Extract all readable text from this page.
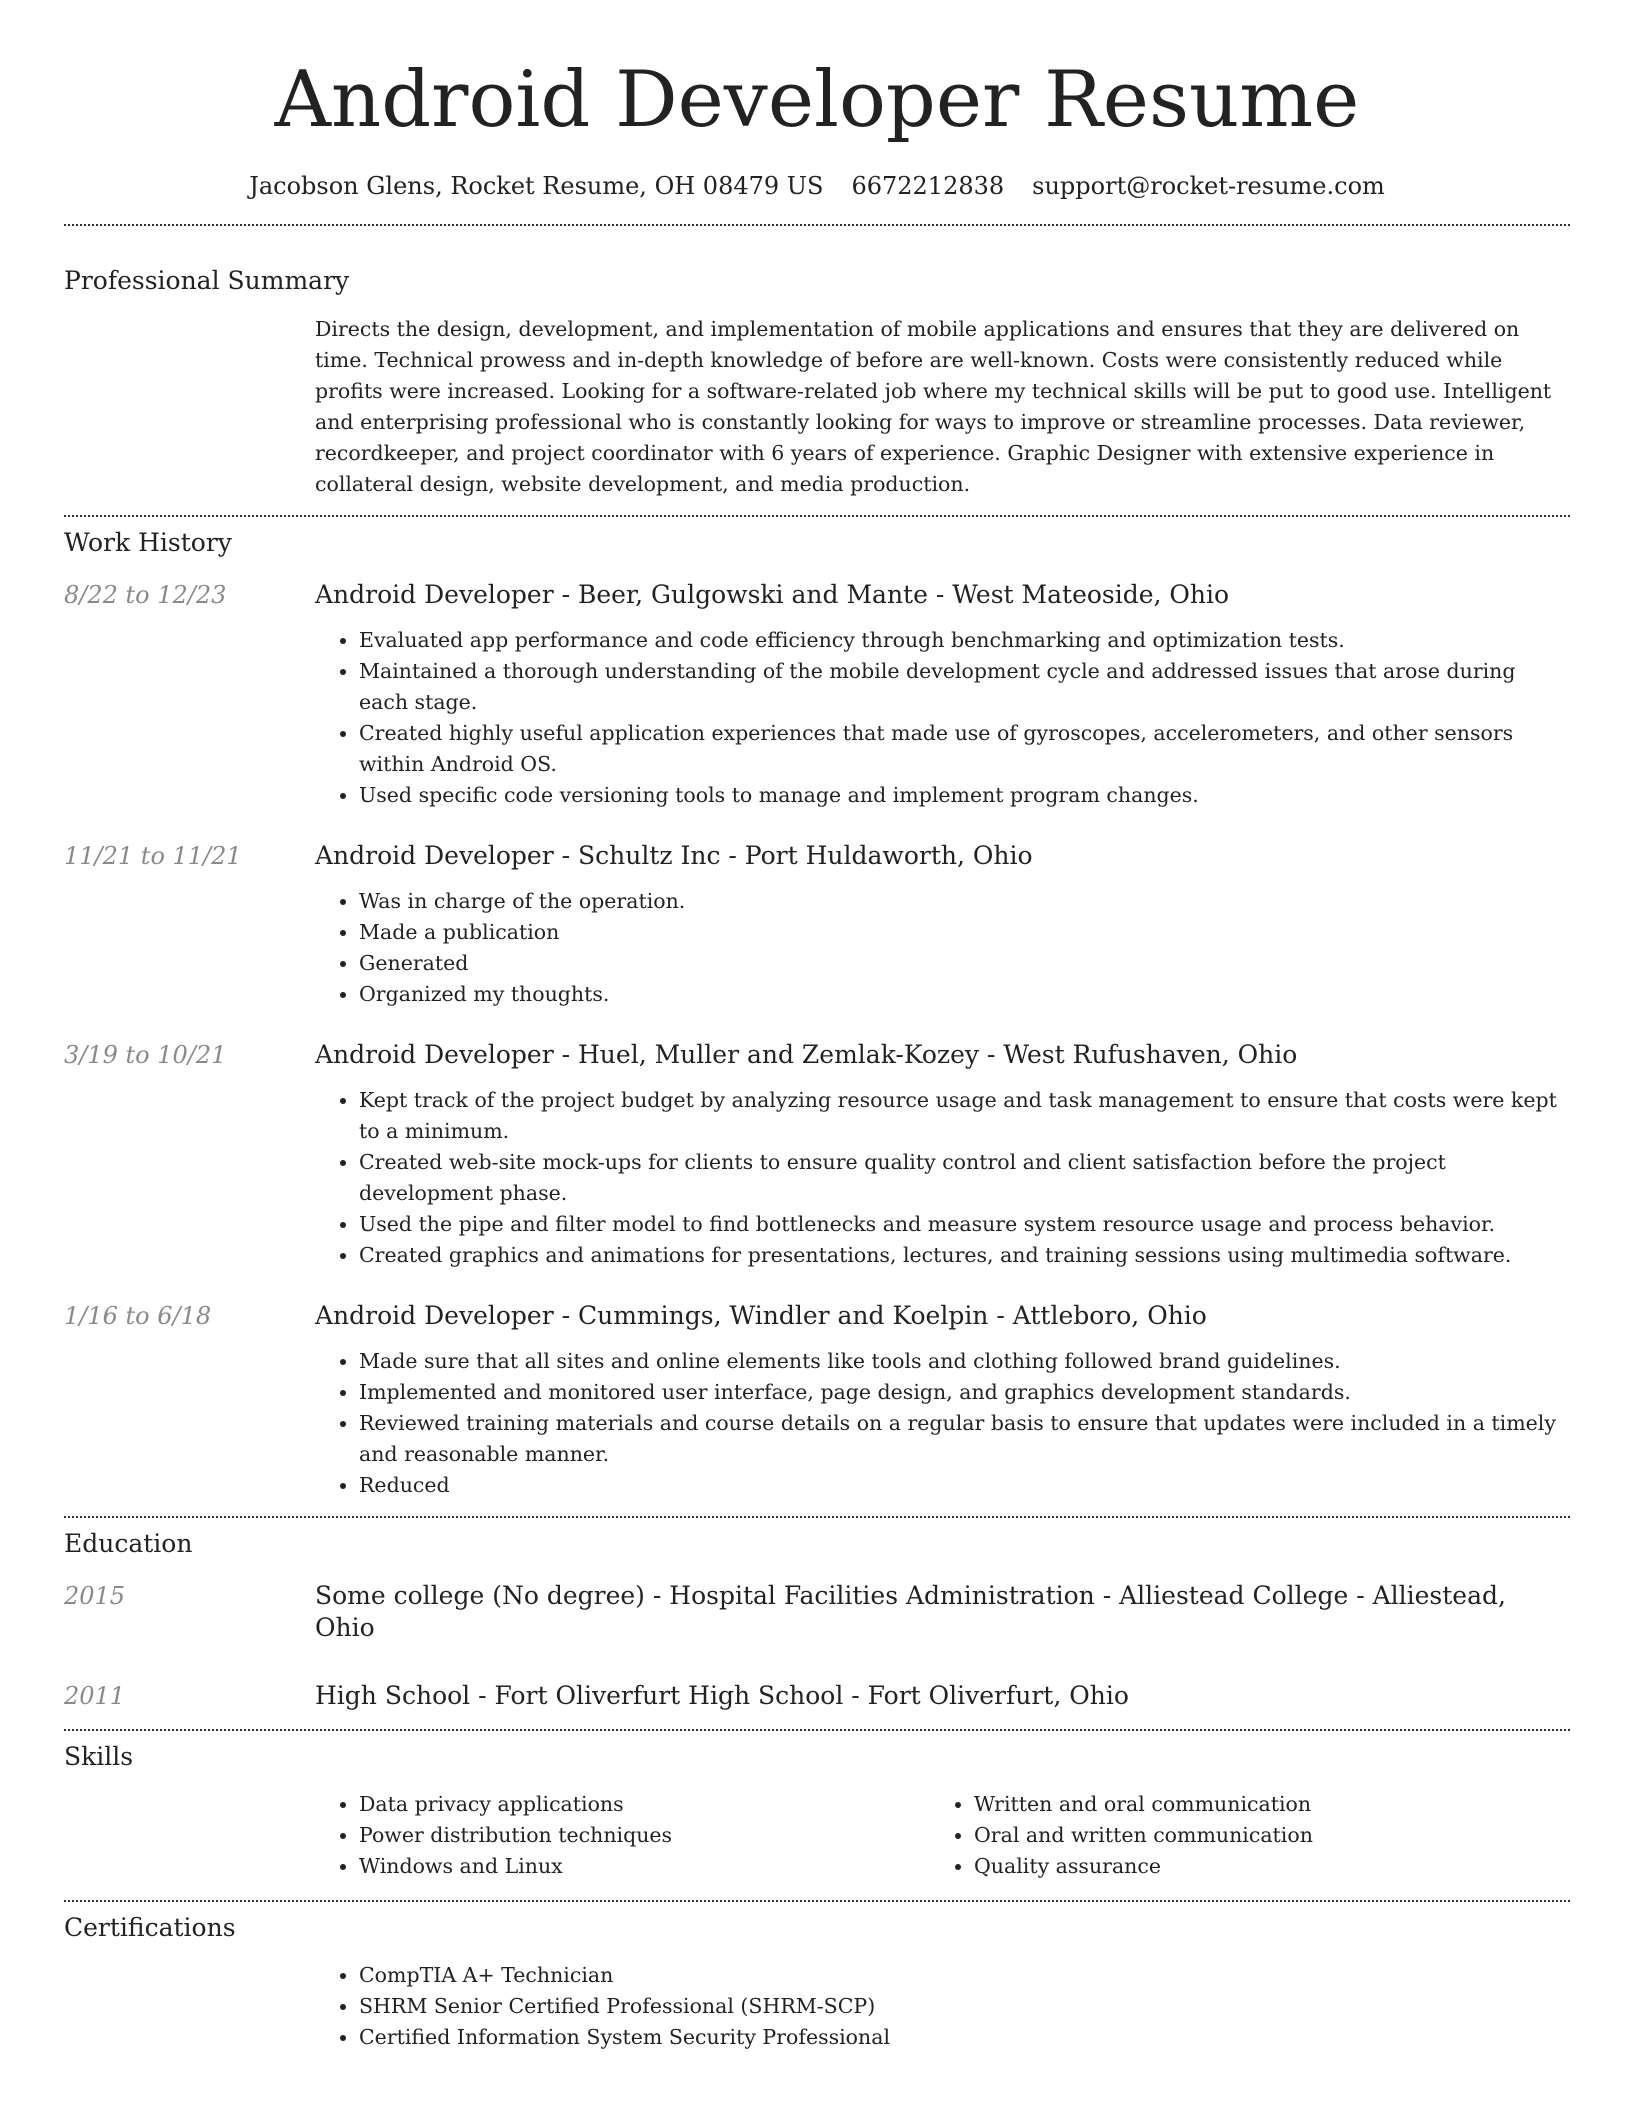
Android Developer Resume
Jacobson Glens, Rocket Resume, OH 08479 US 6672212838 support@rocket-resume.com
Professional Summary
Directs the design, development, and implementation of mobile applications and ensures that they are delivered on time. Technical prowess and in-depth knowledge of before are well-known. Costs were consistently reduced while profits were increased. Looking for a software-related job where my technical skills will be put to good use. Intelligent and enterprising professional who is constantly looking for ways to improve or streamline processes. Data reviewer, recordkeeper, and project coordinator with 6 years of experience. Graphic Designer with extensive experience in collateral design, website development, and media production.
Work History
8/22 to 12/23	Android Developer - Beer, Gulgowski and Mante - West Mateoside, Ohio
• Evaluated app performance and code efficiency through benchmarking and optimization tests.
• Maintained a thorough understanding of the mobile development cycle and addressed issues that arose during each stage.
• Created highly useful application experiences that made use of gyroscopes, accelerometers, and other sensors within Android OS.
• Used specific code versioning tools to manage and implement program changes.
11/21 to 11/21	Android Developer - Schultz Inc - Port Huldaworth, Ohio
• Was in charge of the operation.
• Made a publication
• Generated
• Organized my thoughts.
3/19 to 10/21	Android Developer - Huel, Muller and Zemlak-Kozey - West Rufushaven, Ohio
• Kept track of the project budget by analyzing resource usage and task management to ensure that costs were kept to a minimum.
• Created web-site mock-ups for clients to ensure quality control and client satisfaction before the project development phase.
• Used the pipe and filter model to find bottlenecks and measure system resource usage and process behavior.
• Created graphics and animations for presentations, lectures, and training sessions using multimedia software.
1/16 to 6/18	Android Developer - Cummings, Windler and Koelpin - Attleboro, Ohio
• Made sure that all sites and online elements like tools and clothing followed brand guidelines.
• Implemented and monitored user interface, page design, and graphics development standards.
• Reviewed training materials and course details on a regular basis to ensure that updates were included in a timely and reasonable manner.
• Reduced
Education
2015	Some college (No degree) - Hospital Facilities Administration - Alliestead College - Alliestead, Ohio
2011	High School - Fort Oliverfurt High School - Fort Oliverfurt, Ohio
Skills
• Data privacy applications
• Power distribution techniques
• Windows and Linux
• Written and oral communication
• Oral and written communication
• Quality assurance
Certifications
• CompTIA A+ Technician
• SHRM Senior Certified Professional (SHRM-SCP)
• Certified Information System Security Professional
